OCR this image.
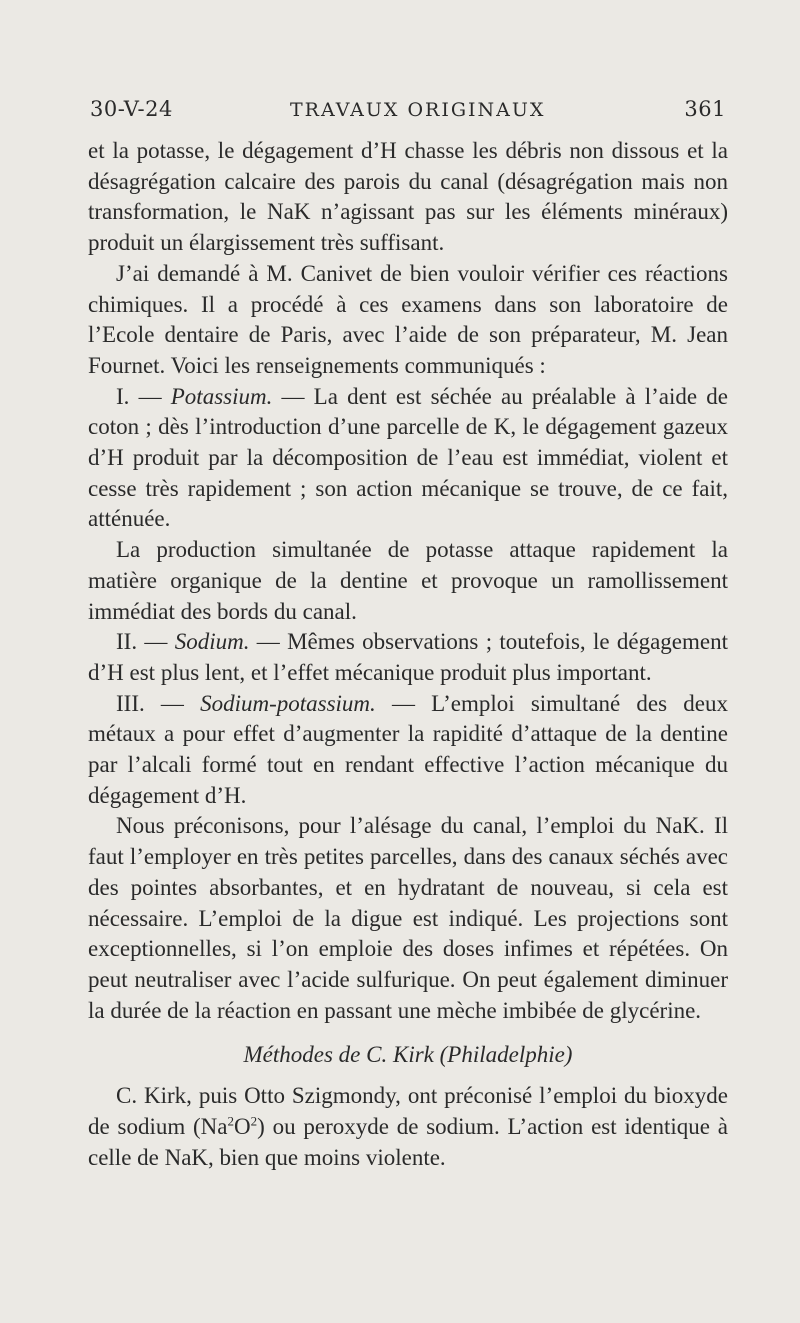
30-V-24	TRAVAUX ORIGINAUX	361

et la potasse, le dégagement d’H chasse les débris non dissous et la désagrégation calcaire des parois du canal (désagrégation mais non transformation, le NaK n’agissant pas sur les éléments minéraux) produit un élargissement très suffisant.

J’ai demandé à M. Canivet de bien vouloir vérifier ces réactions chimiques. Il a procédé à ces examens dans son laboratoire de l’Ecole dentaire de Paris, avec l’aide de son préparateur, M. Jean Fournet. Voici les renseignements communiqués :

I. — Potassium. — La dent est séchée au préalable à l’aide de coton ; dès l’introduction d’une parcelle de K, le dégagement gazeux d’H produit par la décomposition de l’eau est immédiat, violent et cesse très rapidement ; son action mécanique se trouve, de ce fait, atténuée.

La production simultanée de potasse attaque rapidement la matière organique de la dentine et provoque un ramollissement immédiat des bords du canal.

II. — Sodium. — Mêmes observations ; toutefois, le dégagement d’H est plus lent, et l’effet mécanique produit plus important.

III. — Sodium-potassium. — L’emploi simultané des deux métaux a pour effet d’augmenter la rapidité d’attaque de la dentine par l’alcali formé tout en rendant effective l’action mécanique du dégagement d’H.

Nous préconisons, pour l’alésage du canal, l’emploi du NaK. Il faut l’employer en très petites parcelles, dans des canaux séchés avec des pointes absorbantes, et en hydratant de nouveau, si cela est nécessaire. L’emploi de la digue est indiqué. Les projections sont exceptionnelles, si l’on emploie des doses infimes et répétées. On peut neutraliser avec l’acide sulfurique. On peut également diminuer la durée de la réaction en passant une mèche imbibée de glycérine.

Méthodes de C. Kirk (Philadelphie)

C. Kirk, puis Otto Szigmondy, ont préconisé l’emploi du bioxyde de sodium $(Na^2O^2)$ ou peroxyde de sodium. L’action est identique à celle de NaK, bien que moins violente.
